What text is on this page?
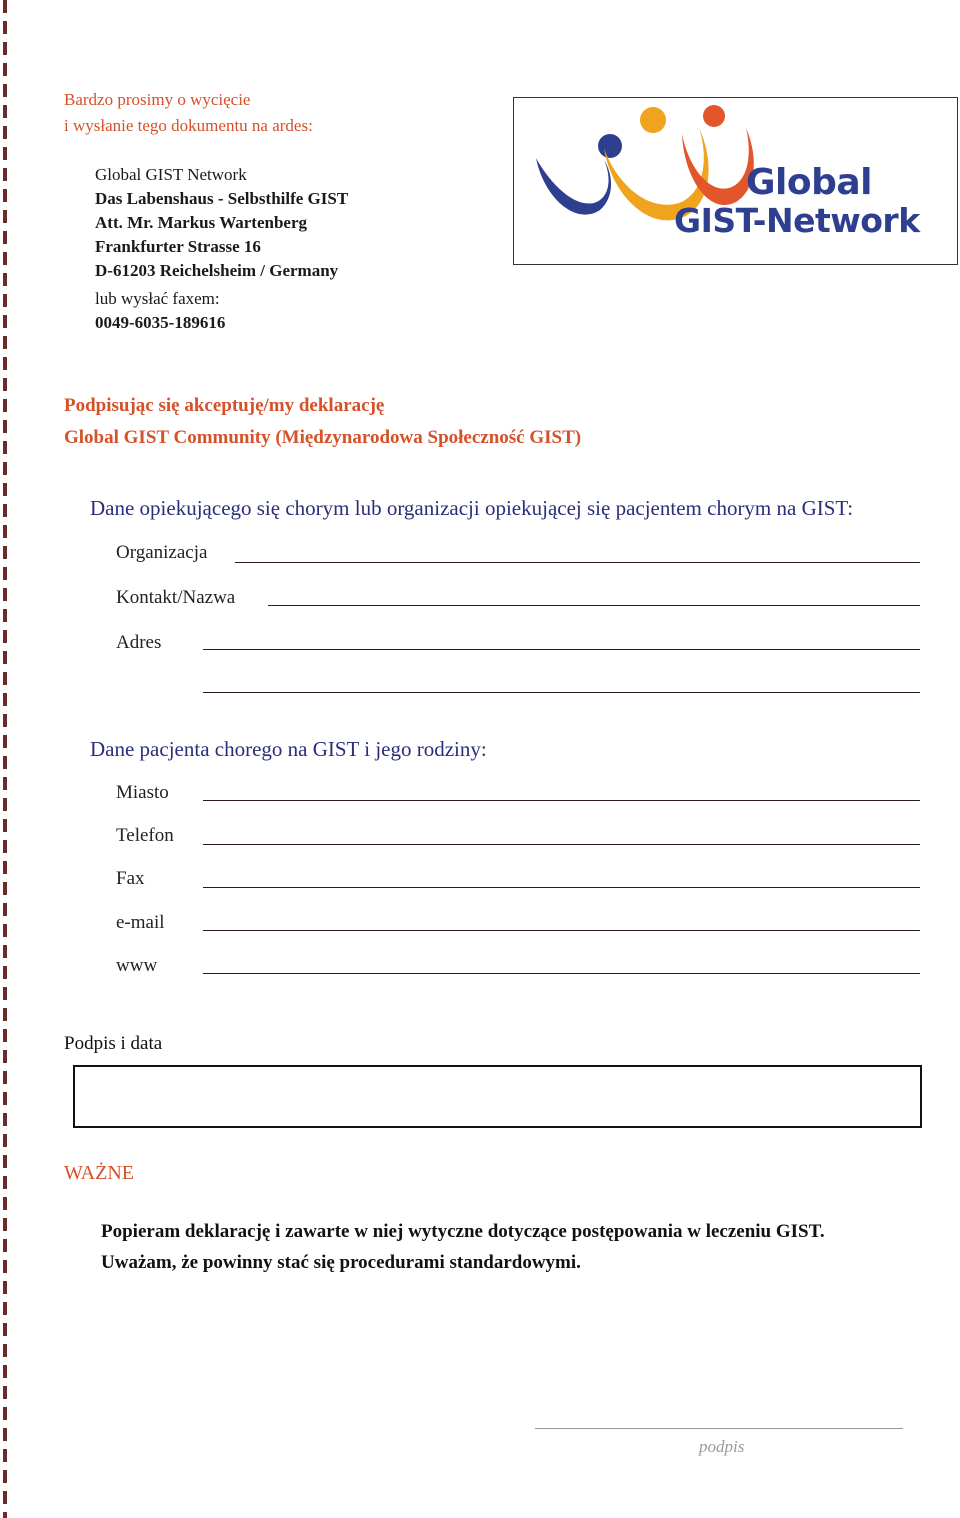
Bardzo prosimy o wycięcie
i wysłanie tego dokumentu na ardes:
Global GIST Network
Das Labenshaus - Selbsthilfe GIST
Att. Mr. Markus Wartenberg
Frankfurter Strasse 16
D-61203 Reichelsheim / Germany
lub wysłać faxem:
0049-6035-189616
Global
GIST-Network
Podpisując się akceptuję/my deklarację
Global GIST Community (Międzynarodowa Społeczność GIST)
Dane opiekującego się chorym lub organizacji opiekującej się pacjentem chorym na GIST:
Organizacja
Kontakt/Nazwa
Adres
Dane pacjenta chorego na GIST i jego rodziny:
Miasto
Telefon
Fax
e-mail
www
Podpis i data
WAŻNE
Popieram deklarację i zawarte w niej wytyczne dotyczące postępowania w leczeniu GIST.
Uważam, że powinny stać się procedurami standardowymi.
podpis
